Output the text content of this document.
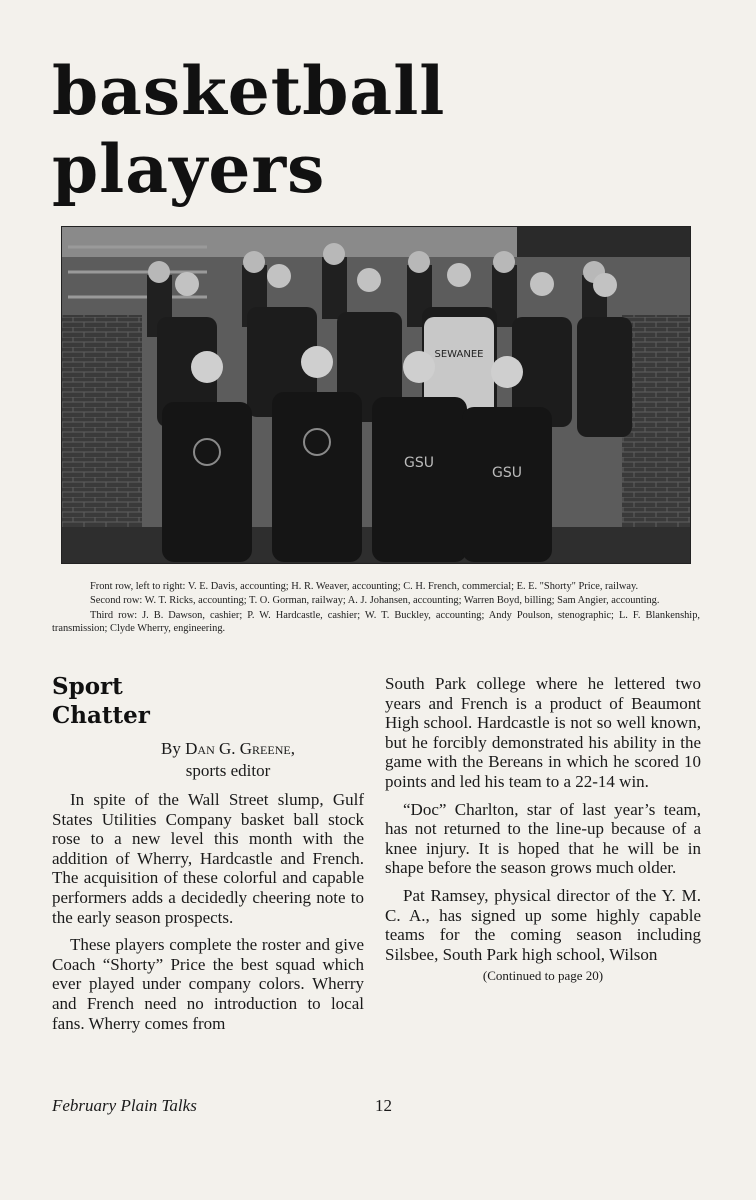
basketball
players
SEWANEE
GSU
GSU

Front row, left to right: V. E. Davis, accounting; H. R. Weaver, accounting; C. H. French, commercial; E. E. "Shorty" Price, railway.

Second row: W. T. Ricks, accounting; T. O. Gorman, railway; A. J. Johansen, accounting; Warren Boyd, billing; Sam Angier, accounting.

Third row: J. B. Dawson, cashier; P. W. Hardcastle, cashier; W. T. Buckley, accounting; Andy Poulson, stenographic; L. F. Blankenship, transmission; Clyde Wherry, engineering.

Sport
Chatter
By Dan G. Greene,
sports editor

In spite of the Wall Street slump, Gulf States Utilities Company basket ball stock rose to a new level this month with the addition of Wherry, Hardcastle and French. The acquisition of these colorful and capable performers adds a decidedly cheering note to the early season prospects.

These players complete the roster and give Coach “Shorty” Price the best squad which ever played under company colors. Wherry and French need no introduction to local fans. Wherry comes from

South Park college where he lettered two years and French is a product of Beaumont High school. Hardcastle is not so well known, but he forcibly demonstrated his ability in the game with the Bereans in which he scored 10 points and led his team to a 22-14 win.

“Doc” Charlton, star of last year’s team, has not returned to the line-up because of a knee injury. It is hoped that he will be in shape before the season grows much older.

Pat Ramsey, physical director of the Y. M. C. A., has signed up some highly capable teams for the coming season including Silsbee, South Park high school, Wilson

(Continued to page 20)
February Plain Talks	12
